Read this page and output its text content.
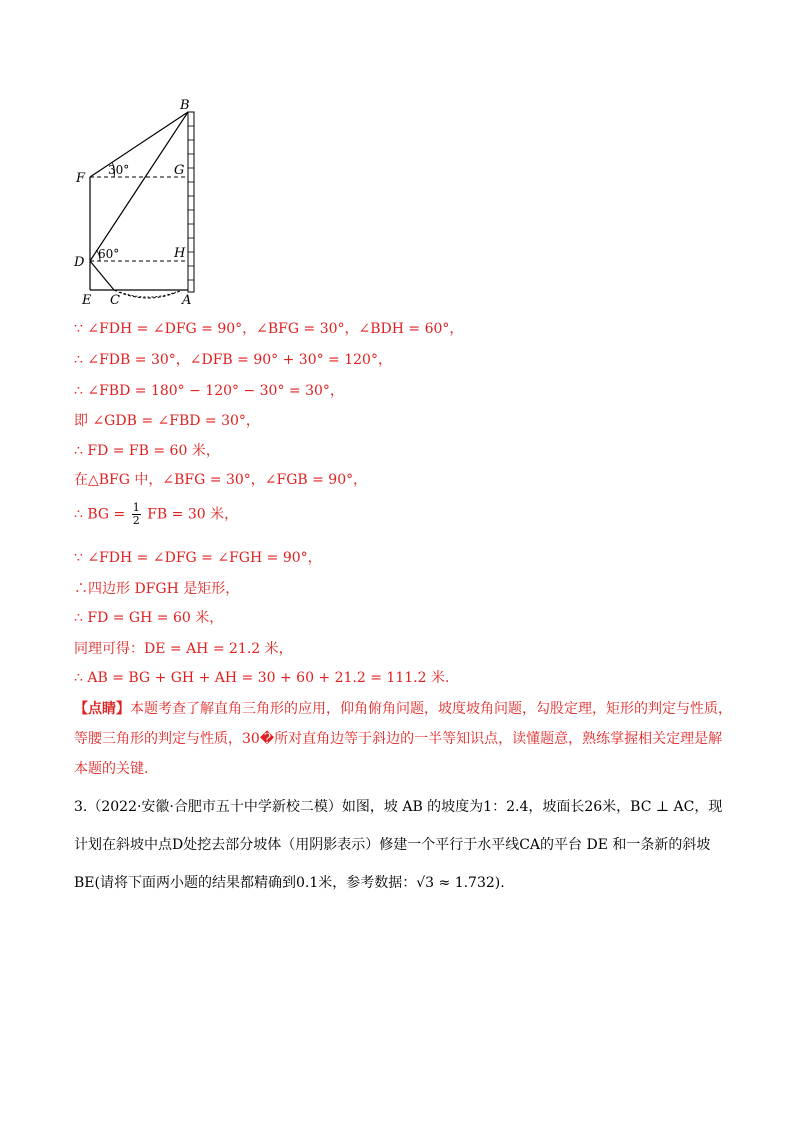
B
F
G
D
H
E C	A
30°
60°
∵ ∠FDH = ∠DFG = 90°，∠BFG = 30°，∠BDH = 60°，
∴ ∠FDB = 30°，∠DFB = 90° + 30° = 120°，
∴ ∠FBD = 180° − 120° − 30° = 30°，
即 ∠GDB = ∠FBD = 30°，
∴ FD = FB = 60 米，
在△BFG 中，∠BFG = 30°，∠FGB = 90°，
∴ BG = $\frac{1}{2}$ FB = 30 米，
∵ ∠FDH = ∠DFG = ∠FGH = 90°，
∴四边形 DFGH 是矩形，
∴ FD = GH = 60 米，
同理可得：DE = AH = 21.2 米，
∴ AB = BG + GH + AH = 30 + 60 + 21.2 = 111.2 米.
【点睛】本题考查了解直角三角形的应用，仰角俯角问题，坡度坡角问题，勾股定理，矩形的判定与性质，等腰三角形的判定与性质，30�所对直角边等于斜边的一半等知识点，读懂题意，熟练掌握相关定理是解本题的关键.
3.（2022·安徽·合肥市五十中学新校二模）如图，坡 AB 的坡度为1：2.4，坡面长26米，BC ⊥ AC，现计划在斜坡中点D处挖去部分坡体（用阴影表示）修建一个平行于水平线CA的平台 DE 和一条新的斜坡BE(请将下面两小题的结果都精确到0.1米，参考数据：√3 ≈ 1.732).
